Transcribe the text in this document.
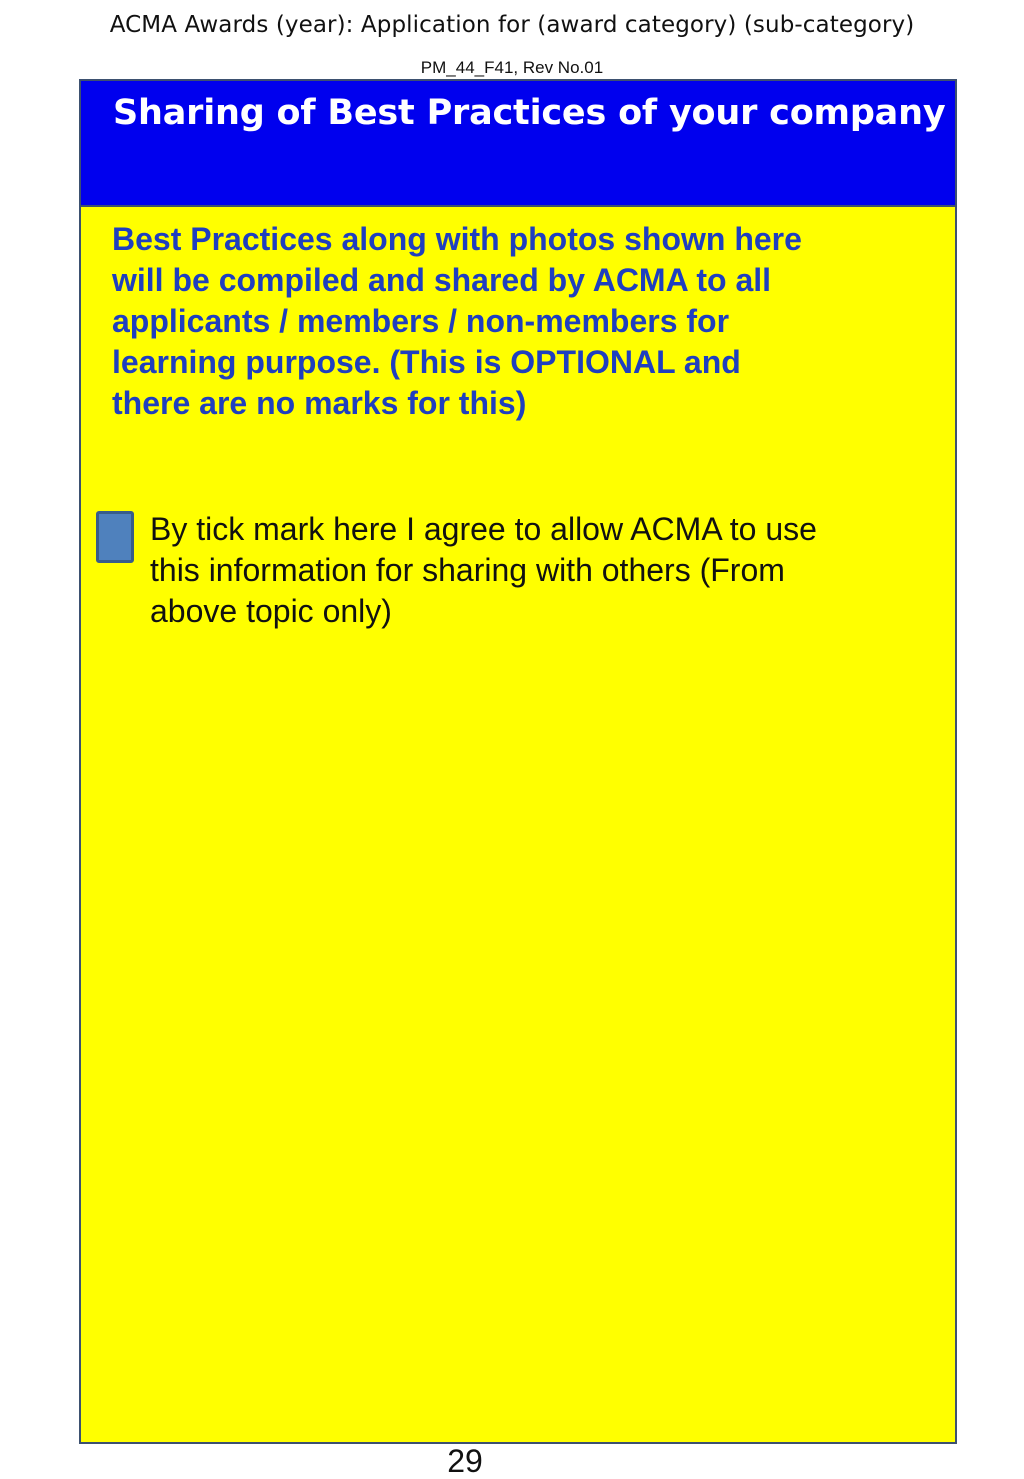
ACMA Awards (year): Application for (award category) (sub-category)
PM_44_F41, Rev No.01
Sharing of Best Practices of your company
Best Practices along with photos shown here
will be compiled and shared by ACMA to all
applicants / members / non-members for
learning purpose. (This is OPTIONAL and
there are no marks for this)
By tick mark here I agree to allow ACMA to use
this information for sharing with others (From
above topic only)
29
